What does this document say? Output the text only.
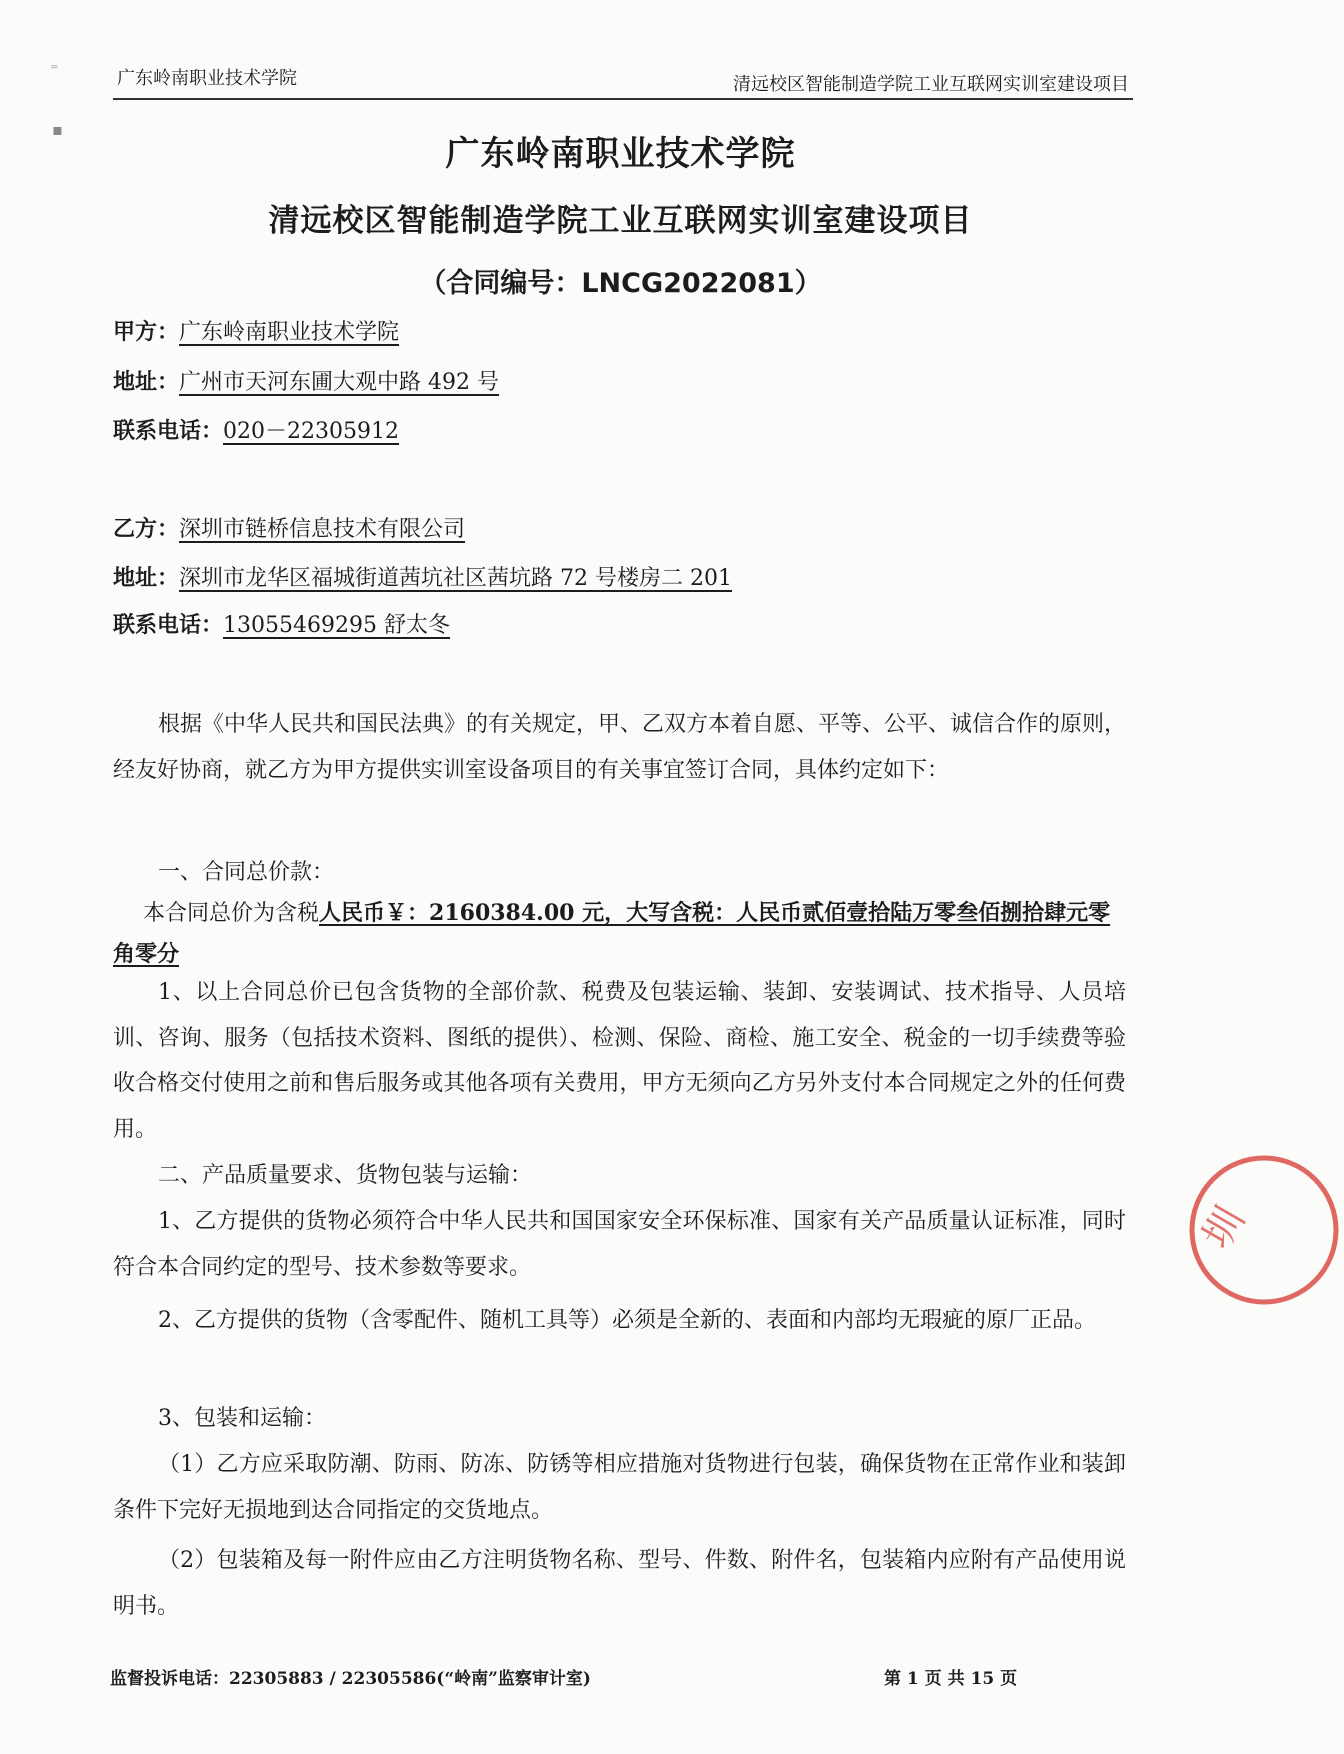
⁼
▪
广东岭南职业技术学院	清远校区智能制造学院工业互联网实训室建设项目
广东岭南职业技术学院
清远校区智能制造学院工业互联网实训室建设项目
（合同编号：LNCG2022081）
甲方：广东岭南职业技术学院
地址：广州市天河东圃大观中路 492 号
联系电话：020－22305912
乙方：深圳市链桥信息技术有限公司
地址：深圳市龙华区福城街道茜坑社区茜坑路 72 号楼房二 201
联系电话：13055469295 舒太冬
根据《中华人民共和国民法典》的有关规定，甲、乙双方本着自愿、平等、公平、诚信合作的原则，经友好协商，就乙方为甲方提供实训室设备项目的有关事宜签订合同，具体约定如下：
一、合同总价款：
本合同总价为含税人民币￥：2160384.00 元，大写含税：人民币贰佰壹拾陆万零叁佰捌拾肆元零角零分
1、以上合同总价已包含货物的全部价款、税费及包装运输、装卸、安装调试、技术指导、人员培训、咨询、服务（包括技术资料、图纸的提供）、检测、保险、商检、施工安全、税金的一切手续费等验收合格交付使用之前和售后服务或其他各项有关费用，甲方无须向乙方另外支付本合同规定之外的任何费用。
二、产品质量要求、货物包装与运输：
1、乙方提供的货物必须符合中华人民共和国国家安全环保标准、国家有关产品质量认证标准，同时符合本合同约定的型号、技术参数等要求。
2、乙方提供的货物（含零配件、随机工具等）必须是全新的、表面和内部均无瑕疵的原厂正品。
3、包装和运输：
（1）乙方应采取防潮、防雨、防冻、防锈等相应措施对货物进行包装，确保货物在正常作业和装卸条件下完好无损地到达合同指定的交货地点。
（2）包装箱及每一附件应由乙方注明货物名称、型号、件数、附件名，包装箱内应附有产品使用说明书。
监督投诉电话：22305883 / 22305586(“岭南”监察审计室)	第 1 页 共 15 页
圳
